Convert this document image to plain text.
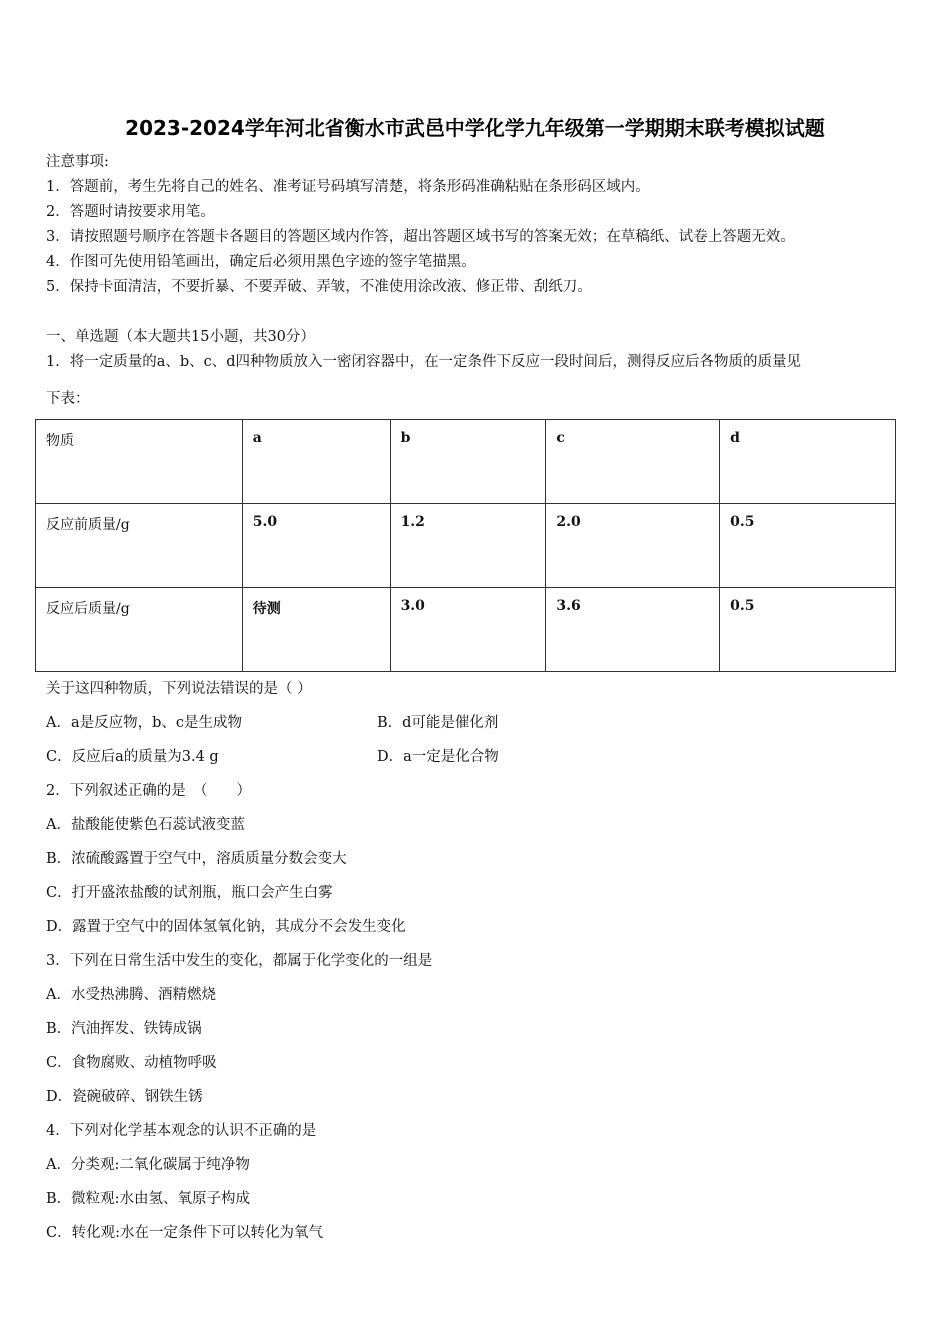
2023-2024学年河北省衡水市武邑中学化学九年级第一学期期末联考模拟试题
注意事项:
1．答题前，考生先将自己的姓名、准考证号码填写清楚，将条形码准确粘贴在条形码区域内。
2．答题时请按要求用笔。
3．请按照题号顺序在答题卡各题目的答题区域内作答，超出答题区域书写的答案无效；在草稿纸、试卷上答题无效。
4．作图可先使用铅笔画出，确定后必须用黑色字迹的签字笔描黑。
5．保持卡面清洁，不要折暴、不要弄破、弄皱，不准使用涂改液、修正带、刮纸刀。
一、单选题（本大题共15小题，共30分）
1．将一定质量的a、b、c、d四种物质放入一密闭容器中，在一定条件下反应一段时间后，测得反应后各物质的质量见
下表：
物质	a	b	c	d
反应前质量/g	5.0	1.2	2.0	0.5
反应后质量/g	待测	3.0	3.6	0.5
关于这四种物质，下列说法错误的是（ ）
A．a是反应物，b、c是生成物	B．d可能是催化剂
C．反应后a的质量为3.4 g	D．a一定是化合物
2．下列叙述正确的是　（　　）
A．盐酸能使紫色石蕊试液变蓝
B．浓硫酸露置于空气中，溶质质量分数会变大
C．打开盛浓盐酸的试剂瓶，瓶口会产生白雾
D．露置于空气中的固体氢氧化钠，其成分不会发生变化
3．下列在日常生活中发生的变化，都属于化学变化的一组是
A．水受热沸腾、酒精燃烧
B．汽油挥发、铁铸成锅
C．食物腐败、动植物呼吸
D．瓷碗破碎、钢铁生锈
4．下列对化学基本观念的认识不正确的是
A．分类观:二氧化碳属于纯净物
B．微粒观:水由氢、氧原子构成
C．转化观:水在一定条件下可以转化为氧气
